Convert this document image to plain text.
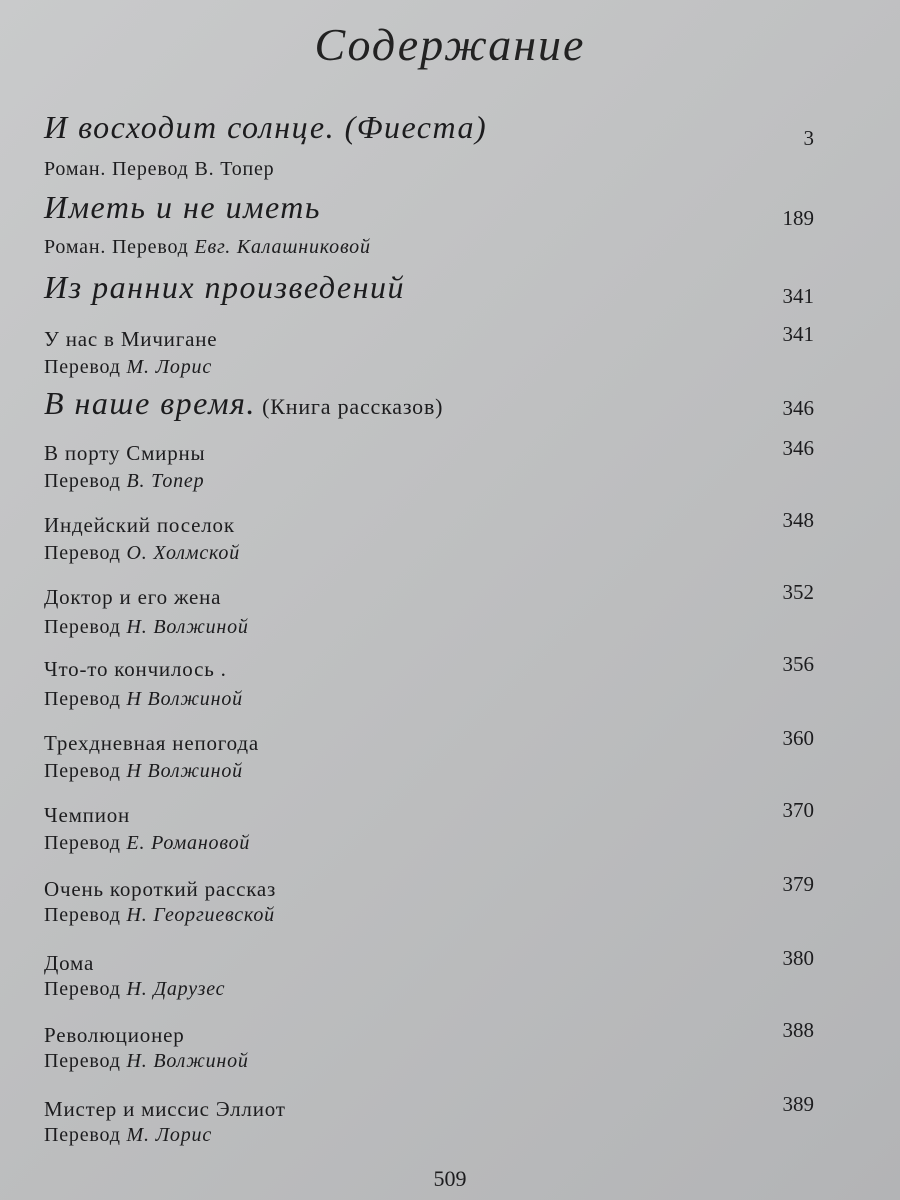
Содержание
И восходит солнце. (Фиеста)	3
Роман. Перевод В. Топер
Иметь и не иметь	189
Роман. Перевод Евг. Калашниковой
Из ранних произведений	341
У нас в Мичигане	341
Перевод М. Лорис
В наше время. (Книга рассказов)	346
В порту Смирны	346
Перевод В. Топер
Индейский поселок	348
Перевод О. Холмской
Доктор и его жена	352
Перевод Н. Волжиной
Что-то кончилось .	356
Перевод Н Волжиной
Трехдневная непогода	360
Перевод Н Волжиной
Чемпион	370
Перевод Е. Романовой
Очень короткий рассказ	379
Перевод Н. Георгиевской
Дома	380
Перевод Н. Дарузес
Революционер	388
Перевод Н. Волжиной
Мистер и миссис Эллиот	389
Перевод М. Лорис
509
